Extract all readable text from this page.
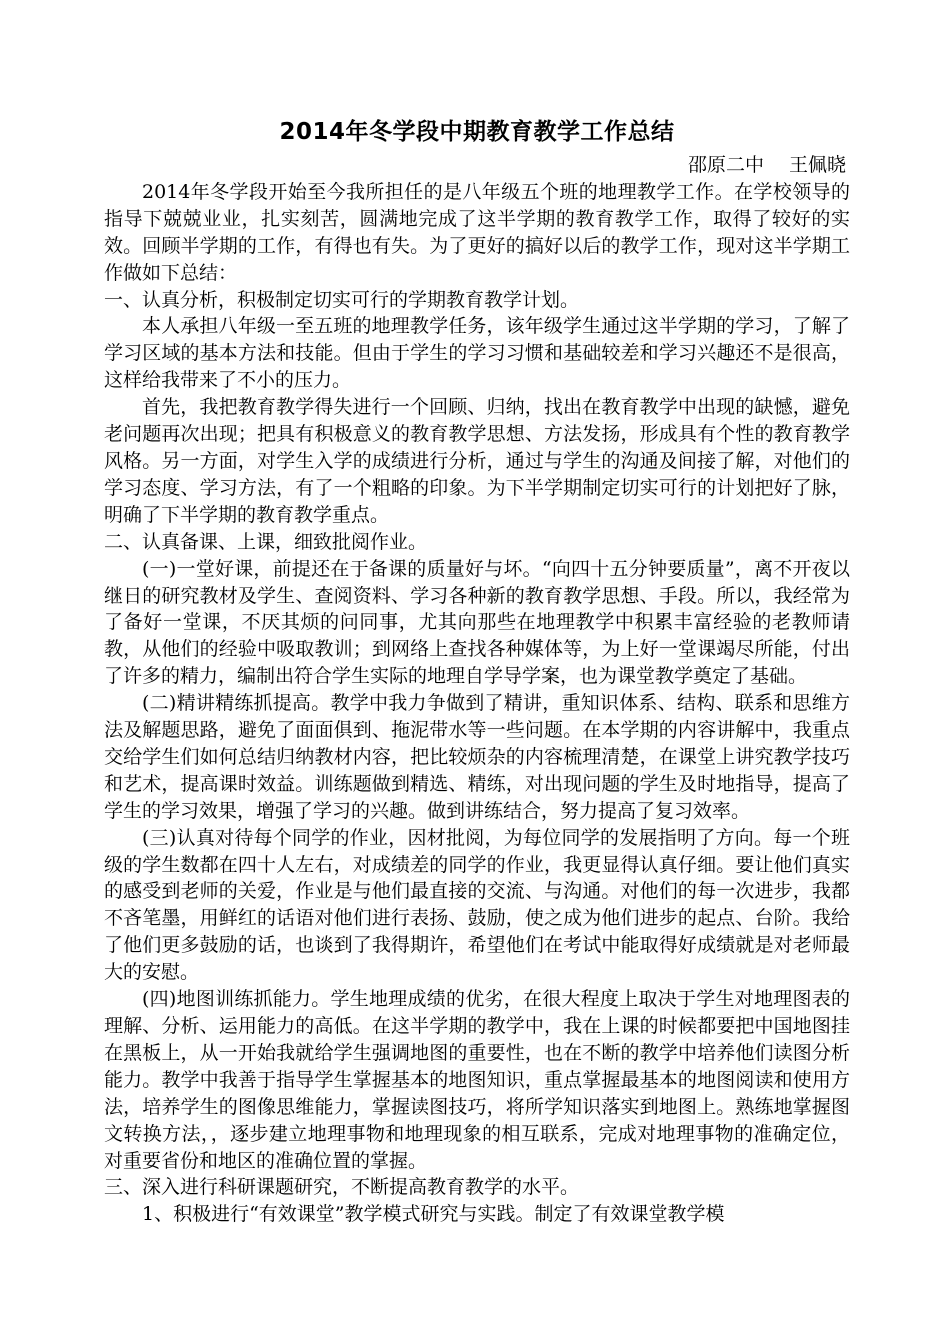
2014年冬学段中期教育教学工作总结
邵原二中　 王佩晓

2014年冬学段开始至今我所担任的是八年级五个班的地理教学工作。在学校领导的指导下兢兢业业，扎实刻苦，圆满地完成了这半学期的教育教学工作，取得了较好的实效。回顾半学期的工作，有得也有失。为了更好的搞好以后的教学工作，现对这半学期工作做如下总结：

一、认真分析，积极制定切实可行的学期教育教学计划。

本人承担八年级一至五班的地理教学任务，该年级学生通过这半学期的学习，了解了学习区域的基本方法和技能。但由于学生的学习习惯和基础较差和学习兴趣还不是很高，这样给我带来了不小的压力。

首先，我把教育教学得失进行一个回顾、归纳，找出在教育教学中出现的缺憾，避免老问题再次出现；把具有积极意义的教育教学思想、方法发扬，形成具有个性的教育教学风格。另一方面，对学生入学的成绩进行分析，通过与学生的沟通及间接了解，对他们的学习态度、学习方法，有了一个粗略的印象。为下半学期制定切实可行的计划把好了脉，明确了下半学期的教育教学重点。

二、认真备课、上课，细致批阅作业。

(一)一堂好课，前提还在于备课的质量好与坏。“向四十五分钟要质量”，离不开夜以继日的研究教材及学生、查阅资料、学习各种新的教育教学思想、手段。所以，我经常为了备好一堂课，不厌其烦的问同事，尤其向那些在地理教学中积累丰富经验的老教师请教，从他们的经验中吸取教训；到网络上查找各种媒体等，为上好一堂课竭尽所能，付出了许多的精力，编制出符合学生实际的地理自学导学案，也为课堂教学奠定了基础。

(二)精讲精练抓提高。教学中我力争做到了精讲，重知识体系、结构、联系和思维方法及解题思路，避免了面面俱到、拖泥带水等一些问题。在本学期的内容讲解中，我重点交给学生们如何总结归纳教材内容，把比较烦杂的内容梳理清楚，在课堂上讲究教学技巧和艺术，提高课时效益。训练题做到精选、精练，对出现问题的学生及时地指导，提高了学生的学习效果，增强了学习的兴趣。做到讲练结合，努力提高了复习效率。

(三)认真对待每个同学的作业，因材批阅，为每位同学的发展指明了方向。每一个班级的学生数都在四十人左右，对成绩差的同学的作业，我更显得认真仔细。要让他们真实的感受到老师的关爱，作业是与他们最直接的交流、与沟通。对他们的每一次进步，我都不吝笔墨，用鲜红的话语对他们进行表扬、鼓励，使之成为他们进步的起点、台阶。我给了他们更多鼓励的话，也谈到了我得期许，希望他们在考试中能取得好成绩就是对老师最大的安慰。

(四)地图训练抓能力。学生地理成绩的优劣，在很大程度上取决于学生对地理图表的理解、分析、运用能力的高低。在这半学期的教学中，我在上课的时候都要把中国地图挂在黑板上，从一开始我就给学生强调地图的重要性，也在不断的教学中培养他们读图分析能力。教学中我善于指导学生掌握基本的地图知识，重点掌握最基本的地图阅读和使用方法，培养学生的图像思维能力，掌握读图技巧，将所学知识落实到地图上。熟练地掌握图文转换方法，，逐步建立地理事物和地理现象的相互联系，完成对地理事物的准确定位，对重要省份和地区的准确位置的掌握。

三、深入进行科研课题研究，不断提高教育教学的水平。

1、积极进行“有效课堂”教学模式研究与实践。制定了有效课堂教学模
